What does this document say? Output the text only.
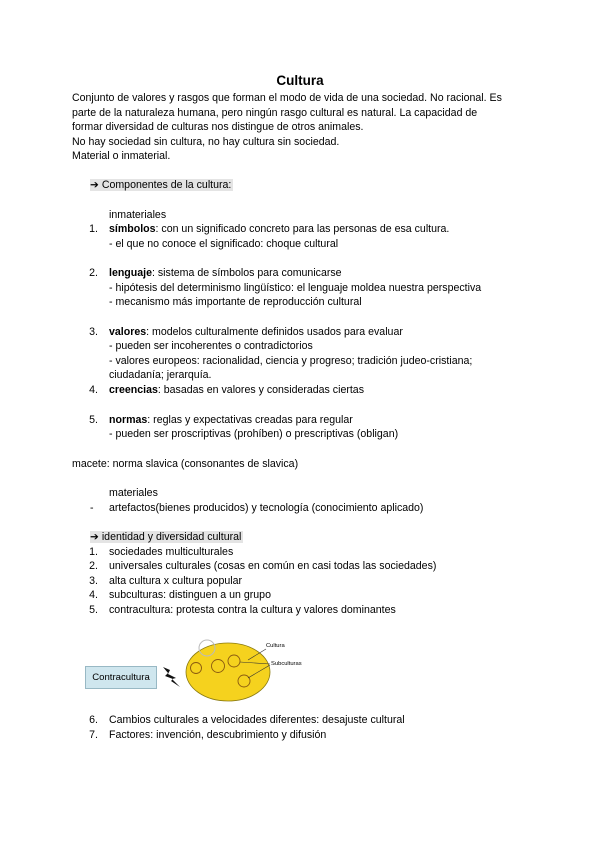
Cultura
Conjunto de valores y rasgos que forman el modo de vida de una sociedad. No racional. Es
parte de la naturaleza humana, pero ningún rasgo cultural es natural. La capacidad de
formar diversidad de culturas nos distingue de otros animales.
No hay sociedad sin cultura, no hay cultura sin sociedad.
Material o inmaterial.
➔ Componentes de la cultura:
inmateriales
1. símbolos: con un significado concreto para las personas de esa cultura.
- el que no conoce el significado: choque cultural
2. lenguaje: sistema de símbolos para comunicarse
- hipótesis del determinismo lingüístico: el lenguaje moldea nuestra perspectiva
- mecanismo más importante de reproducción cultural
3. valores: modelos culturalmente definidos usados para evaluar
- pueden ser incoherentes o contradictorios
- valores europeos: racionalidad, ciencia y progreso; tradición judeo-cristiana;
ciudadanía; jerarquía.
4. creencias: basadas en valores y consideradas ciertas
5. normas: reglas y expectativas creadas para regular
- pueden ser proscriptivas (prohíben) o prescriptivas (obligan)
macete: norma slavica (consonantes de slavica)
materiales
- artefactos(bienes producidos) y tecnología (conocimiento aplicado)
➔ identidad y diversidad cultural
1. sociedades multiculturales
2. universales culturales (cosas en común en casi todas las sociedades)
3. alta cultura x cultura popular
4. subculturas: distinguen a un grupo
5. contracultura: protesta contra la cultura y valores dominantes
Cultura
Subculturas
Contracultura
6. Cambios culturales a velocidades diferentes: desajuste cultural
7. Factores: invención, descubrimiento y difusión
